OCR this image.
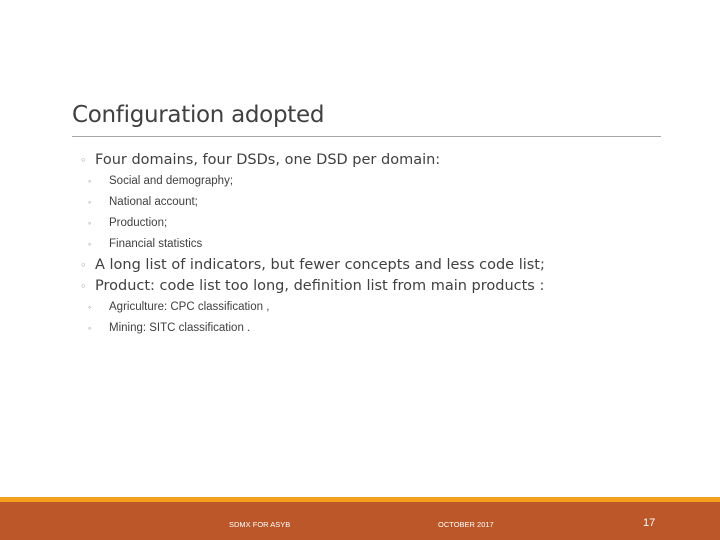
Configuration adopted
◦ Four domains, four DSDs, one DSD per domain:
◦	Social and demography;
◦	National account;
◦	Production;
◦	Financial statistics
◦ A long list of indicators, but fewer concepts and less code list;
◦ Product: code list too long, definition list from main products :
◦	Agriculture: CPC classification ,
◦	Mining: SITC classification .
SDMX FOR ASYB	OCTOBER 2017	17
